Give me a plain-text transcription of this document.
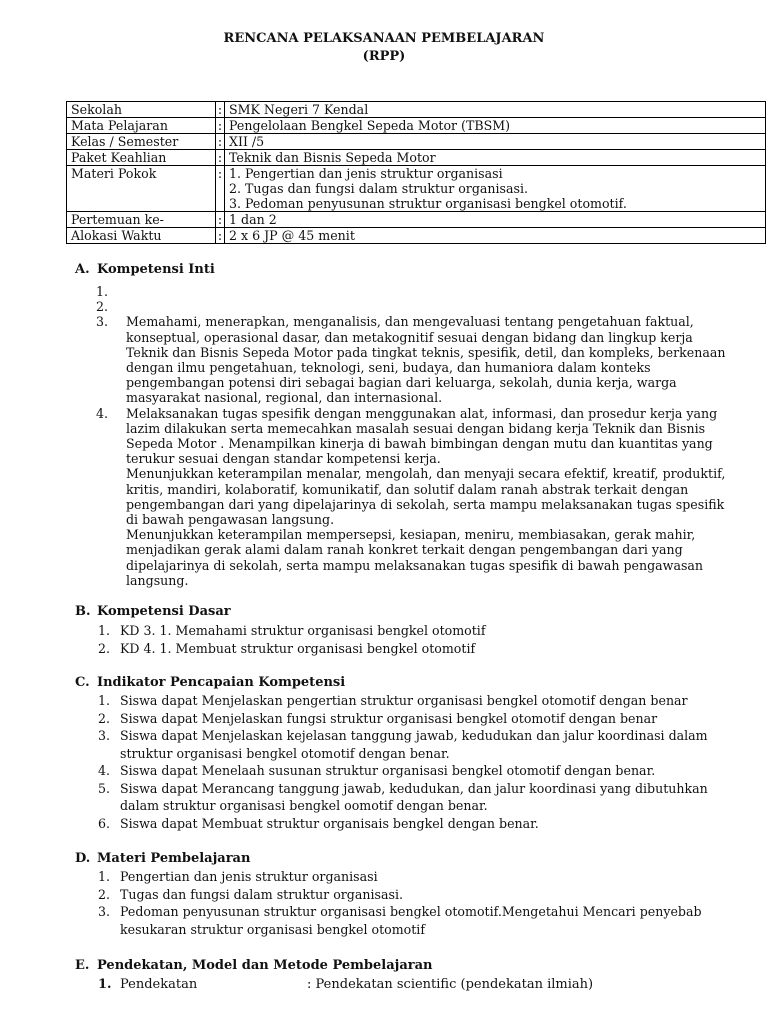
RENCANA PELAKSANAAN PEMBELAJARAN
(RPP)
Sekolah	:	SMK Negeri 7 Kendal

Mata Pelajaran	:	Pengelolaan Bengkel Sepeda Motor (TBSM)

Kelas / Semester	:	XII /5

Paket Keahlian	:	Teknik dan Bisnis Sepeda Motor

Materi Pokok	:	1. Pengertian dan jenis struktur organisasi
2. Tugas dan fungsi dalam struktur organisasi.
3. Pedoman penyusunan struktur organisasi bengkel otomotif.

Pertemuan ke-	:	1 dan 2

Alokasi Waktu	:	2 x 6 JP @ 45 menit
A. Kompetensi Inti
1.
2.
3.	Memahami, menerapkan, menganalisis, dan mengevaluasi tentang pengetahuan faktual, konseptual, operasional dasar, dan metakognitif sesuai dengan bidang dan lingkup kerja Teknik dan Bisnis Sepeda Motor pada tingkat teknis, spesifik, detil, dan kompleks, berkenaan dengan ilmu pengetahuan, teknologi, seni, budaya, dan humaniora dalam konteks pengembangan potensi diri sebagai bagian dari keluarga, sekolah, dunia kerja, warga masyarakat nasional, regional, dan internasional.
4.	Melaksanakan tugas spesifik dengan menggunakan alat, informasi, dan prosedur kerja yang lazim dilakukan serta memecahkan masalah sesuai dengan bidang kerja Teknik dan Bisnis Sepeda Motor . Menampilkan kinerja di bawah bimbingan dengan mutu dan kuantitas yang terukur sesuai dengan standar kompetensi kerja.
Menunjukkan keterampilan menalar, mengolah, dan menyaji secara efektif, kreatif, produktif, kritis, mandiri, kolaboratif, komunikatif, dan solutif dalam ranah abstrak terkait dengan pengembangan dari yang dipelajarinya di sekolah, serta mampu melaksanakan tugas spesifik di bawah pengawasan langsung.
Menunjukkan keterampilan mempersepsi, kesiapan, meniru, membiasakan, gerak mahir, menjadikan gerak alami dalam ranah konkret terkait dengan pengembangan dari yang dipelajarinya di sekolah, serta mampu melaksanakan tugas spesifik di bawah pengawasan langsung.
B. Kompetensi Dasar
1. KD 3. 1. Memahami struktur organisasi bengkel otomotif
2. KD 4. 1. Membuat struktur organisasi bengkel otomotif
C. Indikator Pencapaian Kompetensi
1. Siswa dapat Menjelaskan pengertian struktur organisasi bengkel otomotif dengan benar
2. Siswa dapat Menjelaskan fungsi struktur organisasi bengkel otomotif dengan benar
3. Siswa dapat Menjelaskan kejelasan tanggung jawab, kedudukan dan jalur koordinasi dalam struktur organisasi bengkel otomotif dengan benar.
4. Siswa dapat Menelaah susunan struktur organisasi bengkel otomotif dengan benar.
5. Siswa dapat Merancang tanggung jawab, kedudukan, dan jalur koordinasi yang dibutuhkan dalam struktur organisasi bengkel oomotif dengan benar.
6. Siswa dapat Membuat struktur organisais bengkel dengan benar.
D. Materi Pembelajaran
1. Pengertian dan jenis struktur organisasi
2. Tugas dan fungsi dalam struktur organisasi.
3. Pedoman penyusunan struktur organisasi bengkel otomotif.Mengetahui Mencari penyebab kesukaran struktur organisasi bengkel otomotif
E. Pendekatan, Model dan Metode Pembelajaran
1. Pendekatan	: Pendekatan scientific (pendekatan ilmiah)
